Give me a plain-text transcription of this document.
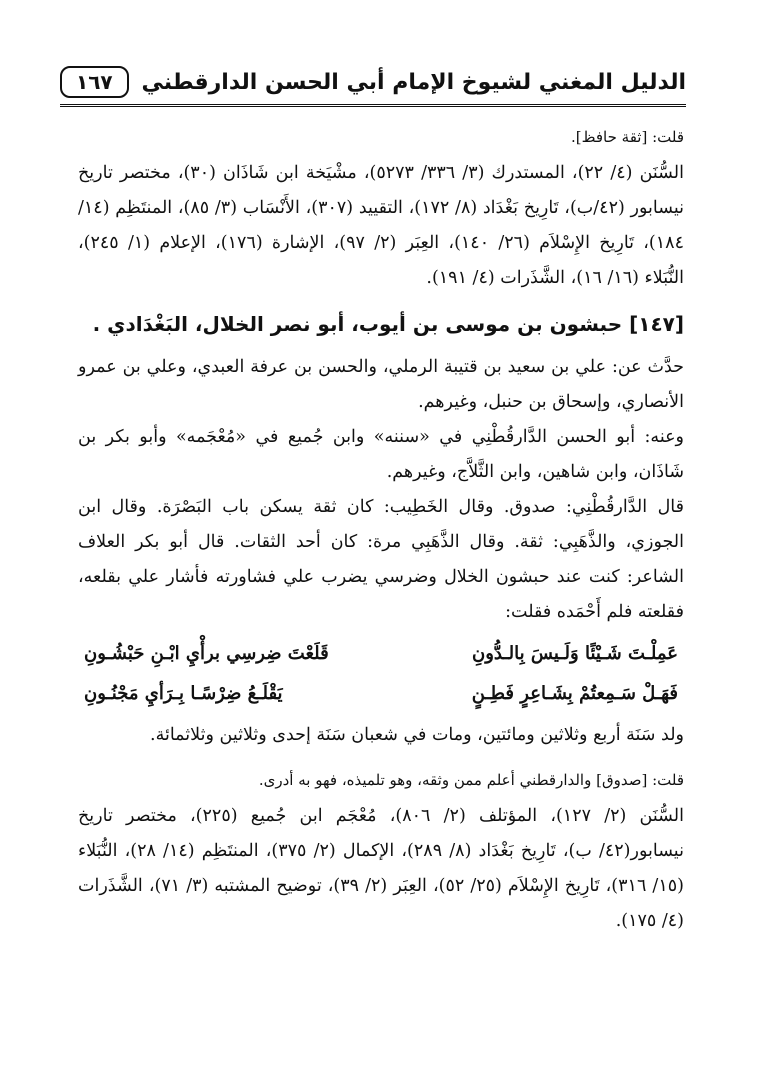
الدليل المغني لشيوخ الإمام أبي الحسن الدارقطني
١٦٧

قلت: [ثقة حافظ].

السُّنَن (٤/ ٢٢)، المستدرك (٣/ ٣٣٦/ ٥٢٧٣)، مشْيَخة ابن شَاذَان (٣٠)، مختصر تاريخ نيسابور (٤٢/ب)، تَارِيخ بَغْدَاد (٨/ ١٧٢)، التقييد (٣٠٧)، الأَنْسَاب (٣/ ٨٥)، المنتَظِم (١٤/ ١٨٤)، تَارِيخ الإِسْلاَم (٢٦/ ١٤٠)، العِبَر (٢/ ٩٧)، الإشارة (١٧٦)، الإعلام (١/ ٢٤٥)، النُّبَلاء (١٦/ ١٦)، الشَّذَرات (٤/ ١٩١).

[١٤٧] حبشون بن موسى بن أيوب، أبو نصر الخلال، البَغْدَادي .

حدَّث عن: علي بن سعيد بن قتيبة الرملي، والحسن بن عرفة العبدي، وعلي بن عمرو الأنصاري، وإسحاق بن حنبل، وغيرهم.

وعنه: أبو الحسن الدَّارقُطْنِي في «سننه» وابن جُميع في «مُعْجَمه» وأبو بكر بن شَاذَان، وابن شاهين، وابن الثَّلاَّج، وغيرهم.

قال الدَّارقُطْنِي: صدوق. وقال الخَطِيب: كان ثقة يسكن باب البَصْرَة. وقال ابن الجوزي، والذَّهَبِي: ثقة. وقال الذَّهَبِي مرة: كان أحد الثقات. قال أبو بكر العلاف الشاعر: كنت عند حبشون الخلال وضرسي يضرب علي فشاورته فأشار علي بقلعه، فقلعته فلم أَحْمَده فقلت:

عَمِلْـتَ شَـيْئًا وَلَـيسَ بِالـدُّونِ
قَلَعْتَ ضِرسِي برأْيِ ابْـنِ حَبْشُـونِ
فَهَـلْ سَـمِعتُمْ بِشَـاعِرٍ فَطِـنٍ
يَقْلَـعُ ضِرْسًـا بِـرَأيِ مَجْنُـونِ

ولد سَنَة أربع وثلاثين ومائتين، ومات في شعبان سَنَة إحدى وثلاثين وثلاثمائة.

قلت: [صدوق] والدارقطني أعلم ممن وثقه، وهو تلميذه، فهو به أدرى.

السُّنَن (٢/ ١٢٧)، المؤتلف (٢/ ٨٠٦)، مُعْجَم ابن جُميع (٢٢٥)، مختصر تاريخ نيسابور(٤٢/ ب)، تَارِيخ بَغْدَاد (٨/ ٢٨٩)، الإكمال (٢/ ٣٧٥)، المنتَظِم (١٤/ ٢٨)، النُّبَلاء (١٥/ ٣١٦)، تَارِيخ الإِسْلاَم (٢٥/ ٥٢)، العِبَر (٢/ ٣٩)، توضيح المشتبه (٣/ ٧١)، الشَّذَرات (٤/ ١٧٥).
